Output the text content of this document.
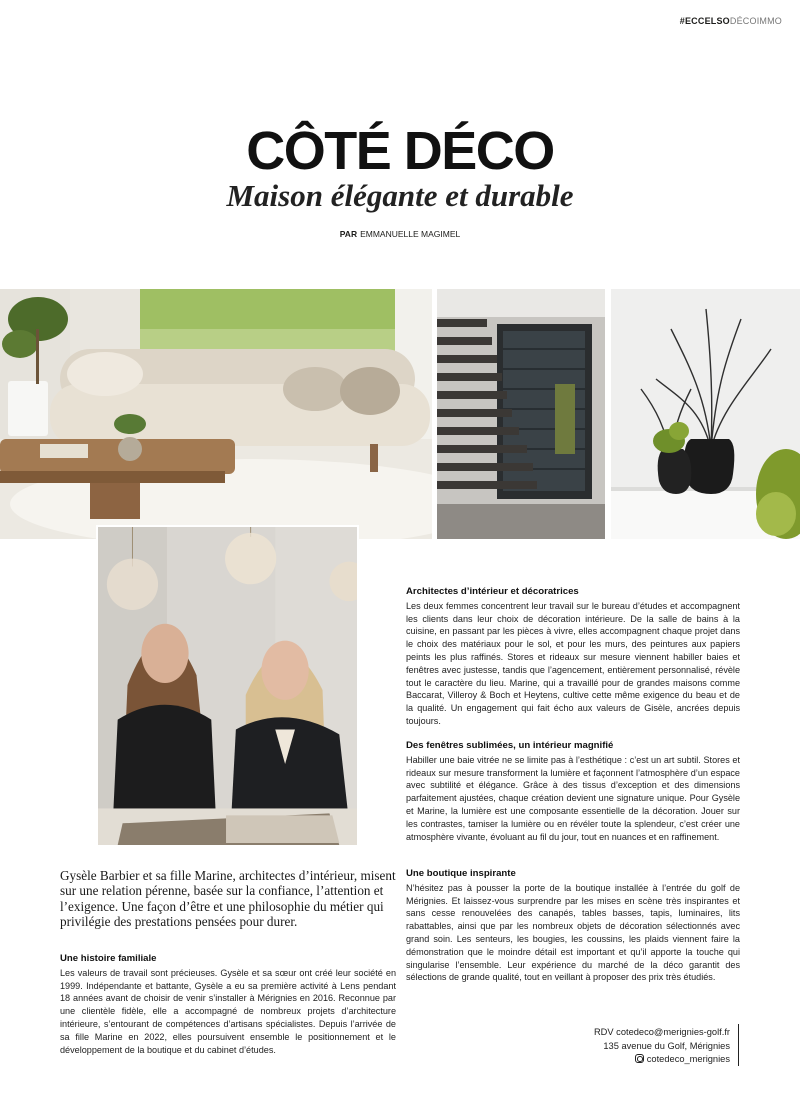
#ECCELSODÉCOIMMO
CÔTÉ DÉCO
Maison élégante et durable
PAR EMMANUELLE MAGIMEL

Gysèle Barbier et sa fille Marine, architectes d’intérieur, misent sur une relation pérenne, basée sur la confiance, l’attention et l’exigence. Une façon d’être et une philosophie du métier qui privilégie des prestations pensées pour durer.

Une histoire familiale

Les valeurs de travail sont précieuses. Gysèle et sa sœur ont créé leur société en 1999. Indépendante et battante, Gysèle a eu sa première activité à Lens pendant 18 années avant de choisir de venir s’installer à Mérignies en 2016. Reconnue par une clientèle fidèle, elle a accompagné de nombreux projets d’architecture intérieure, s’entourant de compétences d’artisans spécialistes. Depuis l’arrivée de sa fille Marine en 2022, elles poursuivent ensemble le positionnement et le développement de la boutique et du cabinet d’études.

Architectes d’intérieur et décoratrices

Les deux femmes concentrent leur travail sur le bureau d’études et accompagnent les clients dans leur choix de décoration intérieure. De la salle de bains à la cuisine, en passant par les pièces à vivre, elles accompagnent chaque projet dans le choix des matériaux pour le sol, et pour les murs, des peintures aux papiers peints les plus raffinés. Stores et rideaux sur mesure viennent habiller baies et fenêtres avec justesse, tandis que l’agencement, entièrement personnalisé, révèle tout le caractère du lieu. Marine, qui a travaillé pour de grandes maisons comme Baccarat, Villeroy & Boch et Heytens, cultive cette même exigence du beau et de la qualité. Un engagement qui fait écho aux valeurs de Gisèle, ancrées depuis toujours.

Des fenêtres sublimées, un intérieur magnifié

Habiller une baie vitrée ne se limite pas à l’esthétique : c’est un art subtil. Stores et rideaux sur mesure transforment la lumière et façonnent l’atmosphère d’un espace avec subtilité et élégance. Grâce à des tissus d’exception et des dimensions parfaitement ajustées, chaque création devient une signature unique. Pour Gysèle et Marine, la lumière est une composante essentielle de la décoration. Jouer sur les contrastes, tamiser la lumière ou en révéler toute la splendeur, c’est créer une atmosphère vivante, évoluant au fil du jour, tout en nuances et en raffinement.

Une boutique inspirante

N’hésitez pas à pousser la porte de la boutique installée à l’entrée du golf de Mérignies. Et laissez-vous surprendre par les mises en scène très inspirantes et sans cesse renouvelées des canapés, tables basses, tapis, luminaires, lits rabattables, ainsi que par les nombreux objets de décoration sélectionnés avec grand soin. Les senteurs, les bougies, les coussins, les plaids viennent faire la démonstration que le moindre détail est important et qu’il apporte la touche qui singularise l’ensemble. Leur expérience du marché de la déco garantit des sélections de grande qualité, tout en veillant à proposer des prix très étudiés.

RDV cotedeco@merignies-golf.fr
135 avenue du Golf, Mérignies
cotedeco_merignies
